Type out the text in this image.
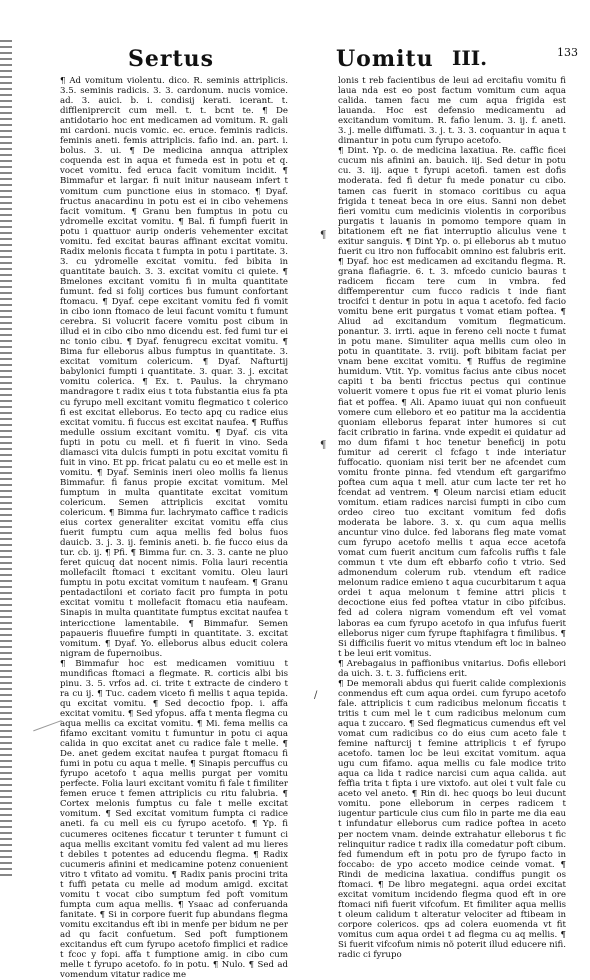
Sertus	Uomitu III.	133
¶
¶
/

¶ Ad vomitum violentu. dico. R. seminis attriplicis. 3.5. seminis radicis. 3. 3. cardonum. nucis vomice. ad. 3. auici. b. i. condisij kerati. icerant. t. diffleniprercit cum mell. t. t. bcnt te. ¶ De antidotario hoc ent medicamen ad vomitum. R. gali mi cardoni. nucis vomic. ec. eruce. feminis radicis. feminis aneti. femis attriplicis. fafio ind. an. part. i. bolus. 3. ui. ¶ De medicina annqua attriplex coquenda est in aqua et fumeda est in potu et q. vocet vomitu. fed eruca facit vomitum incidit. ¶ Bimmafur et largar. fi nuit initur nauseam infert t vomitum cum punctione eius in stomaco. ¶ Dyaf. fructus anacardinu in potu est ei in cibo vehemens facit vomitum. ¶ Granu ben fumptus in potu cu ydromelle excitat vomitu. ¶ Bal. fi fumpfi fuerit in potu i quattuor aurip onderis vehementer excitat vomitu. fed excitat bauras affinant excitat vomitu. Radix melonis ficcata t fumpta in potu i partitate. 3. 3. cu ydromelle excitat vomitu. fed bibita in quantitate bauich. 3. 3. excitat vomitu ci quiete. ¶ Bmelones excitant vomitu fi in multa quantitate fumunt. fed si folij cortices bus fumunt confortant ftomacu. ¶ Dyaf. cepe excitant vomitu fed fi vomit in cibo ionn ftomaco de leui facunt vomitu t fumunt cerebra. Si volucrit facere vomitu post cibum in illud ei in cibo cibo nmo dicendu est. fed fumi tur ei nc tonio cibu. ¶ Dyaf. fenugrecu excitat vomitu. ¶ Bima fur elleborus albus fumptus in quantitate. 3. excitat vomitum colericum. ¶ Dyaf. Nafturtij babylonici fumpti i quantitate. 3. quar. 3. j. excitat vomitu colerica. ¶ Ex. t. Paulus. la chrymano mandragore t radix eius t tota fubstantia eius fa pta cu fyrupo mell excitant vomitu flegmatico t colerico fi est excitat elleborus. Eo tecto apq cu radice eius excitat vomitu. fi fuccus est excitat naufea. ¶ Ruffus medulle ossium excitant vomitu. ¶ Dyaf. cis vita fupti in potu cu mell. et fi fuerit in vino. Seda diamasci vita dulcis fumpti in potu excitat vomitu fi fuit in vino. Et pp. fricat palatu cu eo et melle est in vomitu. ¶ Dyaf. Seminis ineri oleo mollis fa lienus Bimmafur. fi fanus propie excitat vomitum. Mel fumptum in multa quantitate excitat vomitum colericum. Semen attriplicis excitat vomitu colericum. ¶ Bimma fur. lachrymato caffice t radicis eius cortex generaliter excitat vomitu effa cius fuerit fumptu cum aqua mellis fed bolus fuos dauicb. 3. j. 3. ij. feminis aneti. b. fie fucco eius da tur. cb. ij. ¶ Pfi. ¶ Bimma fur. cn. 3. 3. cante ne pluo feret quicuq dat nocent nimis. Folia lauri recentia mollefacilt ftomaci t excitant vomitu. Oleu lauri fumptu in potu excitat vomitum t naufeam. ¶ Granu pentadactiloni et coriato facit pro fumpta in potu excitat vomitu t mollefacit ftomacu etia naufeam. Sinapis in multa quantitate fumptus excitat naufea t intericctione lamentabile. ¶ Bimmafur. Semen papaueris fluuefire fumpti in quantitate. 3. excitat vomitum. ¶ Dyaf. Yo. elleborus albus educit colera nigram de fupernoibus.

¶ Bimmafur hoc est medicamen vomitiuu t mundificas ftomaci a flegmate. R. corticis albi bis pinu. 3. 5. vrfos ad. ci. trite t extracte de cindero t ra cu ij. ¶ Tuc. cadem viceto fi mellis t aqua tepida. qu excitat vomitu. ¶ Sed decoctio fpop. i. affa excitat vomitu. ¶ Sed yfopus. affa t menta flegma cu aqua mellis ca excitat vomitu. ¶ Mi. fema mellis ca fifamo excitant vomitu t fumuntur in potu ci aqua calida in quo excitat anet cu radice fale t melle. ¶ De. anet gedem excitat naufea t purgat ftomacu fi fumi in potu cu aqua t melle. ¶ Sinapis percuffus cu fyrupo acetofo t aqua mellis purgat per vomitu perfecte. Folia lauri excitant vomitu fi fale t fimiliter femen eruce t femen attriplicis cu ritu falubria. ¶ Cortex melonis fumptus cu fale t melle excitat vomitum. ¶ Sed excitat vomitum fumpta ci radice aneti. fa cu mell eis cu fyrupo acetofo. ¶ Yp. fi cucumeres ocitenes ficcatur t terunter t fumunt ci aqua mellis excitant vomitu fed valent ad mu lieres t debiles t potentes ad educendu flegma. ¶ Radix cucumeris afinini et medicamine potenz conuenient vitro t vfitato ad vomitu. ¶ Radix panis procini trita t fuffi petata cu melle ad modum amigd. excitat vomitu t vocat cibo sumptum fed poft vomitum fumpta cum aqua mellis. ¶ Ysaac ad conferuanda fanitate. ¶ Si in corpore fuerit fup abundans flegma vomitu excitandus eft ibi in menfe per bidum ne per ad qu facit confuetum. Sed poft fumptionem excitandus eft cum fyrupo acetofo fimplici et radice t fcoc y fopi. affa t fumptione amig. in cibo cum melle t fyrupo acetofo. fo in potu. ¶ Nulo. ¶ Sed ad vomendum vitatur radice me

lonis t reb facientibus de leui ad ercitafiu vomitu fi laua nda est eo post factum vomitum cum aqua calida. tamen facu me cum aqua frigida est lauanda. Hoc est defensio medicamentu ad excitandum vomitum. R. fafio lenum. 3. ij. f. aneti. 3. j. melle diffumati. 3. j. t. 3. 3. coquantur in aqua t dimantur in potu cum fyrupo acetofo.

¶ Dint. Yp. o. de medicina laxatiua. Re. caffic ficei cucum nis afinini an. bauich. iij. Sed detur in potu cu. 3. iij. aque t fyrupi acetofi. tamen est dofis moderata. fed fi detur fu mede ponatur cu cibo. tamen cas fuerit in stomaco coritibus cu aqua frigida t teneat beca in ore eius. Sanni non debet fieri vomitu cum medicinis violentis in corporibus purgatis t lauanis in pomomo tempore quam in bitationem eft ne fiat interruptio aliculus vene t exitur sanguis. ¶ Dint Yp. o. pi elleborus ab t mutuo fuerit cu itro non fuffocabit omnino est falubris erit. ¶ Dyaf. hoc est medicamen ad excitandu flegma. R. grana flafiagrie. 6. t. 3. mfcedo cunicio bauras t radicem ficcam tere cum in vmbra. fed diffemperentur cum fucco radicis t inde fiant trocifci t dentur in potu in aqua t acetofo. fed facio vomitu bene erit purgatus t vomat etiam poftea. ¶ Aliud ad excitandum vomitum flegmaticum. ponantur. 3. irrti. aque in fereno celi nocte t fumat in potu mane. Simuliter aqua mellis cum oleo in potu in quantitate. 3. rviij. poft bibitam faciat per vnam bene excitat vomitu. ¶ Ruffus de regimine humidum. Vtit. Yp. vomitus facius ante cibus nocet capiti t ba benti fricctus pectus qui continue voluerit vomere t opus fue rit ei vomat plurio lenis fiat et poffea. ¶ Ali. Apamo iuuat qui non confueuit vomere cum elleboro et eo patitur ma la accidentia quoniam elleborus feparat inter humores si cut facit cribratio in farina. vnde expedit ei quidatur ad mo dum fifami t hoc tenetur beneficij in potu fumitur ad cererit cl fcfago t inde interiatur fuffocatio. quoniam nisi terit ber ne afcendet cum vomitu fronte pinna. fed vtendum eft gargarifmo poftea cum aqua t mell. atur cum lacte ter ret ho fcendat ad ventrem. ¶ Oleum narcisi etiam educit vomitum. etiam radices narcisi fumpti in cibo cum ordeo cireo tuo excitant vomitum fed dofis moderata be labore. 3. x. qu cum aqua mellis ancuntur vino dulce. fed laborans fleg mate vomat cum fyrupo acetofo mellis t aqua ecce acetofa vomat cum fuerit ancitum cum fafcolis ruffis t fale commun t vte dum eft ebbarfo cofio t vtrio. Sed admonendum colerum rub. vtendum eft radice melonum radice emieno t aqua cucurbitarum t aqua ordei t aqua melonum t femine attri plicis t decoctione eius fed poftea vtatur in cibo pifcibus. fed ad colera nigram vomendum eft vel vomat laboras ea cum fyrupo acetofo in qua infufus fuerit elleborus niger cum fyrupe ftaphifagra t fimilibus. ¶ Si difficilis fuerit vo mitus vtendum eft loc in balneo t be leui erit vomitus.

¶ Arebagaius in paffionibus vnitarius. Dofis ellebori da uich. 3. t. 3. fufficiens erit.

¶ De memorali abdus qui fuerit calide complexionis conmendus eft cum aqua ordei. cum fyrupo acetofo fale. attriplicis t cum radicibus melonum ficcatis t tritis t cum mel le t cum radicibus melonum cum aqua t zuccaro. ¶ Sed flegmaticus cumendus eft vel vomat cum radicibus co do eius cum aceto fale t femine nafturcij t femine attriplicis t ef fyrupo acetofo. tamen loc be leui excitat vomitum. aqua ugu cum fifamo. aqua mellis cu fale modice trito aqua ca lida t radice narcisi cum aqua calida. aut feffia trita t fipta i ure vixtofo. aut olei t vult fale cu aceto vel aneto. ¶ Rin di. hec quoqs bo leui ducunt vomitu. pone elleborum in cerpes radicem t iugentur particule cius cum filo in parte me dia eau t infundatur elleborus cum radice poftea in aceto per noctem vnam. deinde extrahatur elleborus t fic relinquitur radice t radix illa comedatur poft cibum. fed fumendum eft in potu pro de fyrupo facto in foccabo: de ypo acceto modice ceinde vomat. ¶ Rindi de medicina laxatiua. condiffus pungit os ftomaci. ¶ De libro megategni. aqua ordei excitat excitat vomitum incidendo flegma quod eft in ore ftomaci nifi fuerit vifcofum. Et fimiliter aqua mellis t oleum calidum t alteratur velociter ad ftibeam in corpore colericos. qps ad colera euomenda vt fit vomitus cum aqua ordei t ad flegma cu aq mellis. ¶ Si fuerit vifcofum nimis nõ poterit illud educere nifi. radic ci fyrupo
